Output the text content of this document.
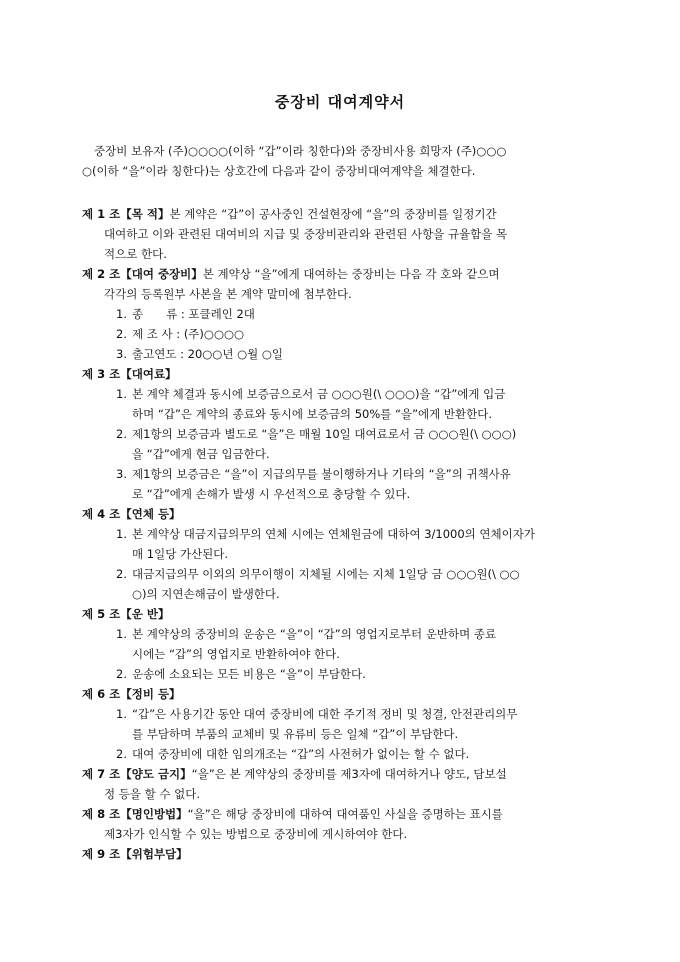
중장비 대여계약서
중장비 보유자 (주)○○○○(이하 “갑”이라 칭한다)와 중장비사용 희망자 (주)○○○
○(이하 “을”이라 칭한다)는 상호간에 다음과 같이 중장비대여계약을 체결한다.
제 1 조【목 적】본 계약은 “갑”이 공사중인 건설현장에 “을”의 중장비를 일정기간
대여하고 이와 관련된 대여비의 지급 및 중장비관리와 관련된 사항을 규율함을 목
적으로 한다.
제 2 조【대여 중장비】본 계약상 “을”에게 대여하는 중장비는 다음 각 호와 같으며
각각의 등록원부 사본을 본 계약 말미에 첨부한다.
1. 종　　류 : 포클레인 2대
2. 제 조 사 : (주)○○○○
3. 출고연도 : 20○○년 ○월 ○일
제 3 조【대여료】
1. 본 계약 체결과 동시에 보증금으로서 금 ○○○원(\ ○○○)을 “갑”에게 입금
하며 “갑”은 계약의 종료와 동시에 보증금의 50%를 “을”에게 반환한다.
2. 제1항의 보증금과 별도로 “을”은 매월 10일 대여료로서 금 ○○○원(\ ○○○)
을 “갑”에게 현금 입금한다.
3. 제1항의 보증금은 “을”이 지급의무를 불이행하거나 기타의 “을”의 귀책사유
로 “갑”에게 손해가 발생 시 우선적으로 충당할 수 있다.
제 4 조【연체 등】
1. 본 계약상 대금지급의무의 연체 시에는 연체원금에 대하여 3/1000의 연체이자가
매 1일당 가산된다.
2. 대금지급의무 이외의 의무이행이 지체될 시에는 지체 1일당 금 ○○○원(\ ○○
○)의 지연손해금이 발생한다.
제 5 조【운 반】
1. 본 계약상의 중장비의 운송은 “을”이 “갑”의 영업지로부터 운반하며 종료
시에는 “갑”의 영업지로 반환하여야 한다.
2. 운송에 소요되는 모든 비용은 “을”이 부담한다.
제 6 조【정비 등】
1. “갑”은 사용기간 동안 대여 중장비에 대한 주기적 정비 및 청결, 안전관리의무
를 부담하며 부품의 교체비 및 유류비 등은 일체 “갑”이 부담한다.
2. 대여 중장비에 대한 임의개조는 “갑”의 사전허가 없이는 할 수 없다.
제 7 조【양도 금지】“을”은 본 계약상의 중장비를 제3자에 대여하거나 양도, 담보설
정 등을 할 수 없다.
제 8 조【명인방법】“을”은 해당 중장비에 대하여 대여품인 사실을 증명하는 표시를
제3자가 인식할 수 있는 방법으로 중장비에 게시하여야 한다.
제 9 조【위험부담】
